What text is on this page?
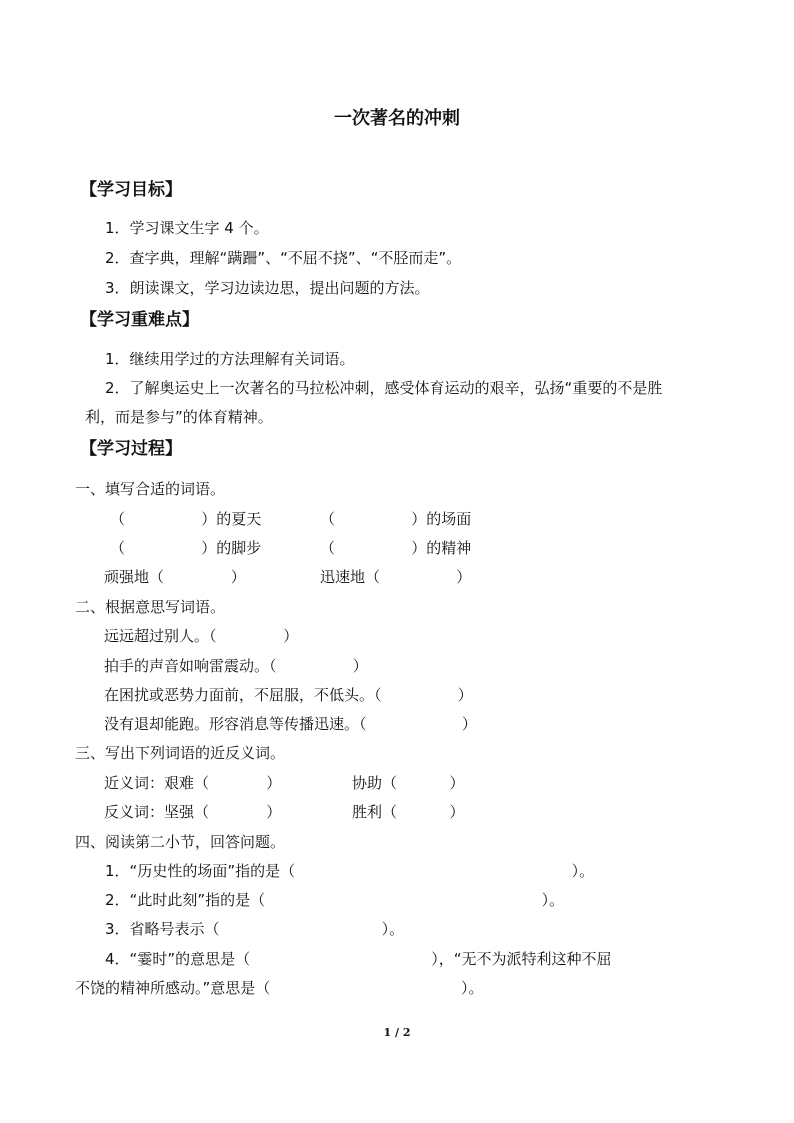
一次著名的冲刺
【学习目标】
1．学习课文生字 4 个。
2．查字典，理解“蹒跚”、“不屈不挠”、“不胫而走”。
3．朗读课文，学习边读边思，提出问题的方法。
【学习重难点】
1．继续用学过的方法理解有关词语。
2．了解奥运史上一次著名的马拉松冲刺，感受体育运动的艰辛，弘扬“重要的不是胜
利，而是参与”的体育精神。
【学习过程】
一、填写合适的词语。
（                ）的夏天	（                ）的场面
（                ）的脚步	（                ）的精神
顽强地（              ）	迅速地（                ）
二、根据意思写词语。
远远超过别人。（              ）
拍手的声音如响雷震动。（                ）
在困扰或恶势力面前，不屈服，不低头。（                ）
没有退却能跑。形容消息等传播迅速。（                    ）
三、写出下列词语的近反义词。
近义词：艰难（            ）	协助（           ）
反义词：坚强（            ）	胜利（           ）
四、阅读第二小节，回答问题。
1．“历史性的场面”指的是（                                                          ）。
2．“此时此刻”指的是（                                                          ）。
3．省略号表示（                                  ）。
4．“霎时”的意思是（                                      ），“无不为派特利这种不屈
不饶的精神所感动。”意思是（                                        ）。
1 / 2
